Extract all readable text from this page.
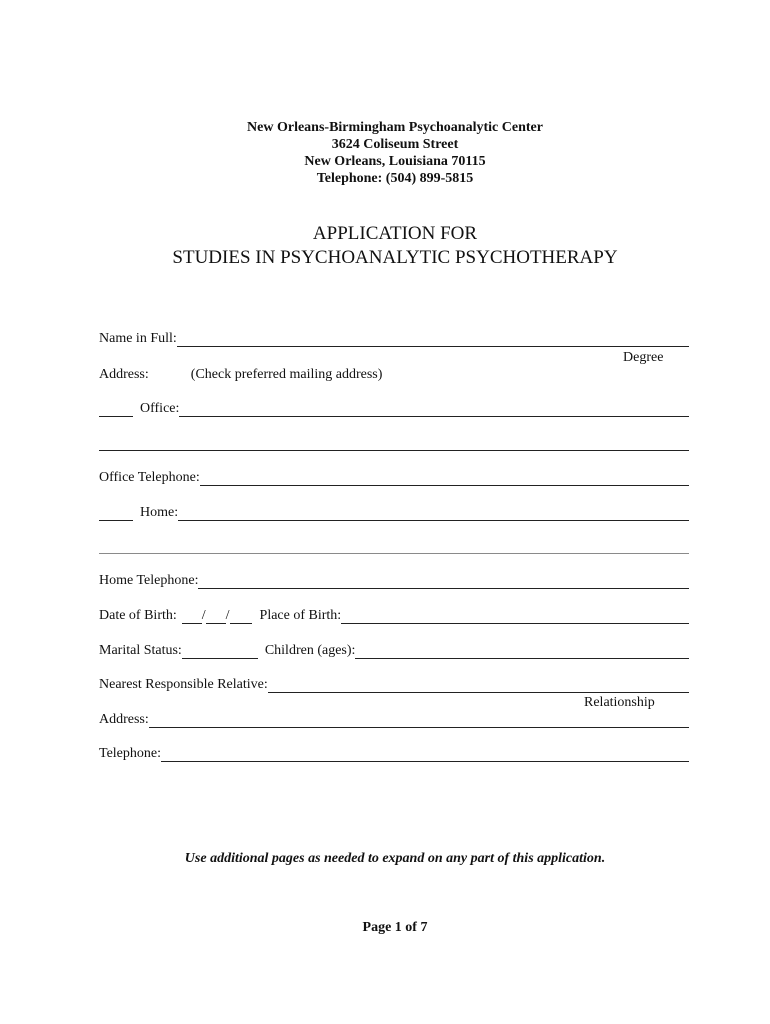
New Orleans-Birmingham Psychoanalytic Center
3624 Coliseum Street
New Orleans, Louisiana 70115
Telephone: (504) 899-5815
APPLICATION FOR
STUDIES IN PSYCHOANALYTIC PSYCHOTHERAPY
Name in Full:
Degree
Address:	(Check preferred mailing address)
Office:
Office Telephone:
Home:
Home Telephone:
Date of Birth: / / Place of Birth:
Marital Status:	Children (ages):
Nearest Responsible Relative:
Relationship
Address:
Telephone:
Use additional pages as needed to expand on any part of this application.
Page 1 of 7
